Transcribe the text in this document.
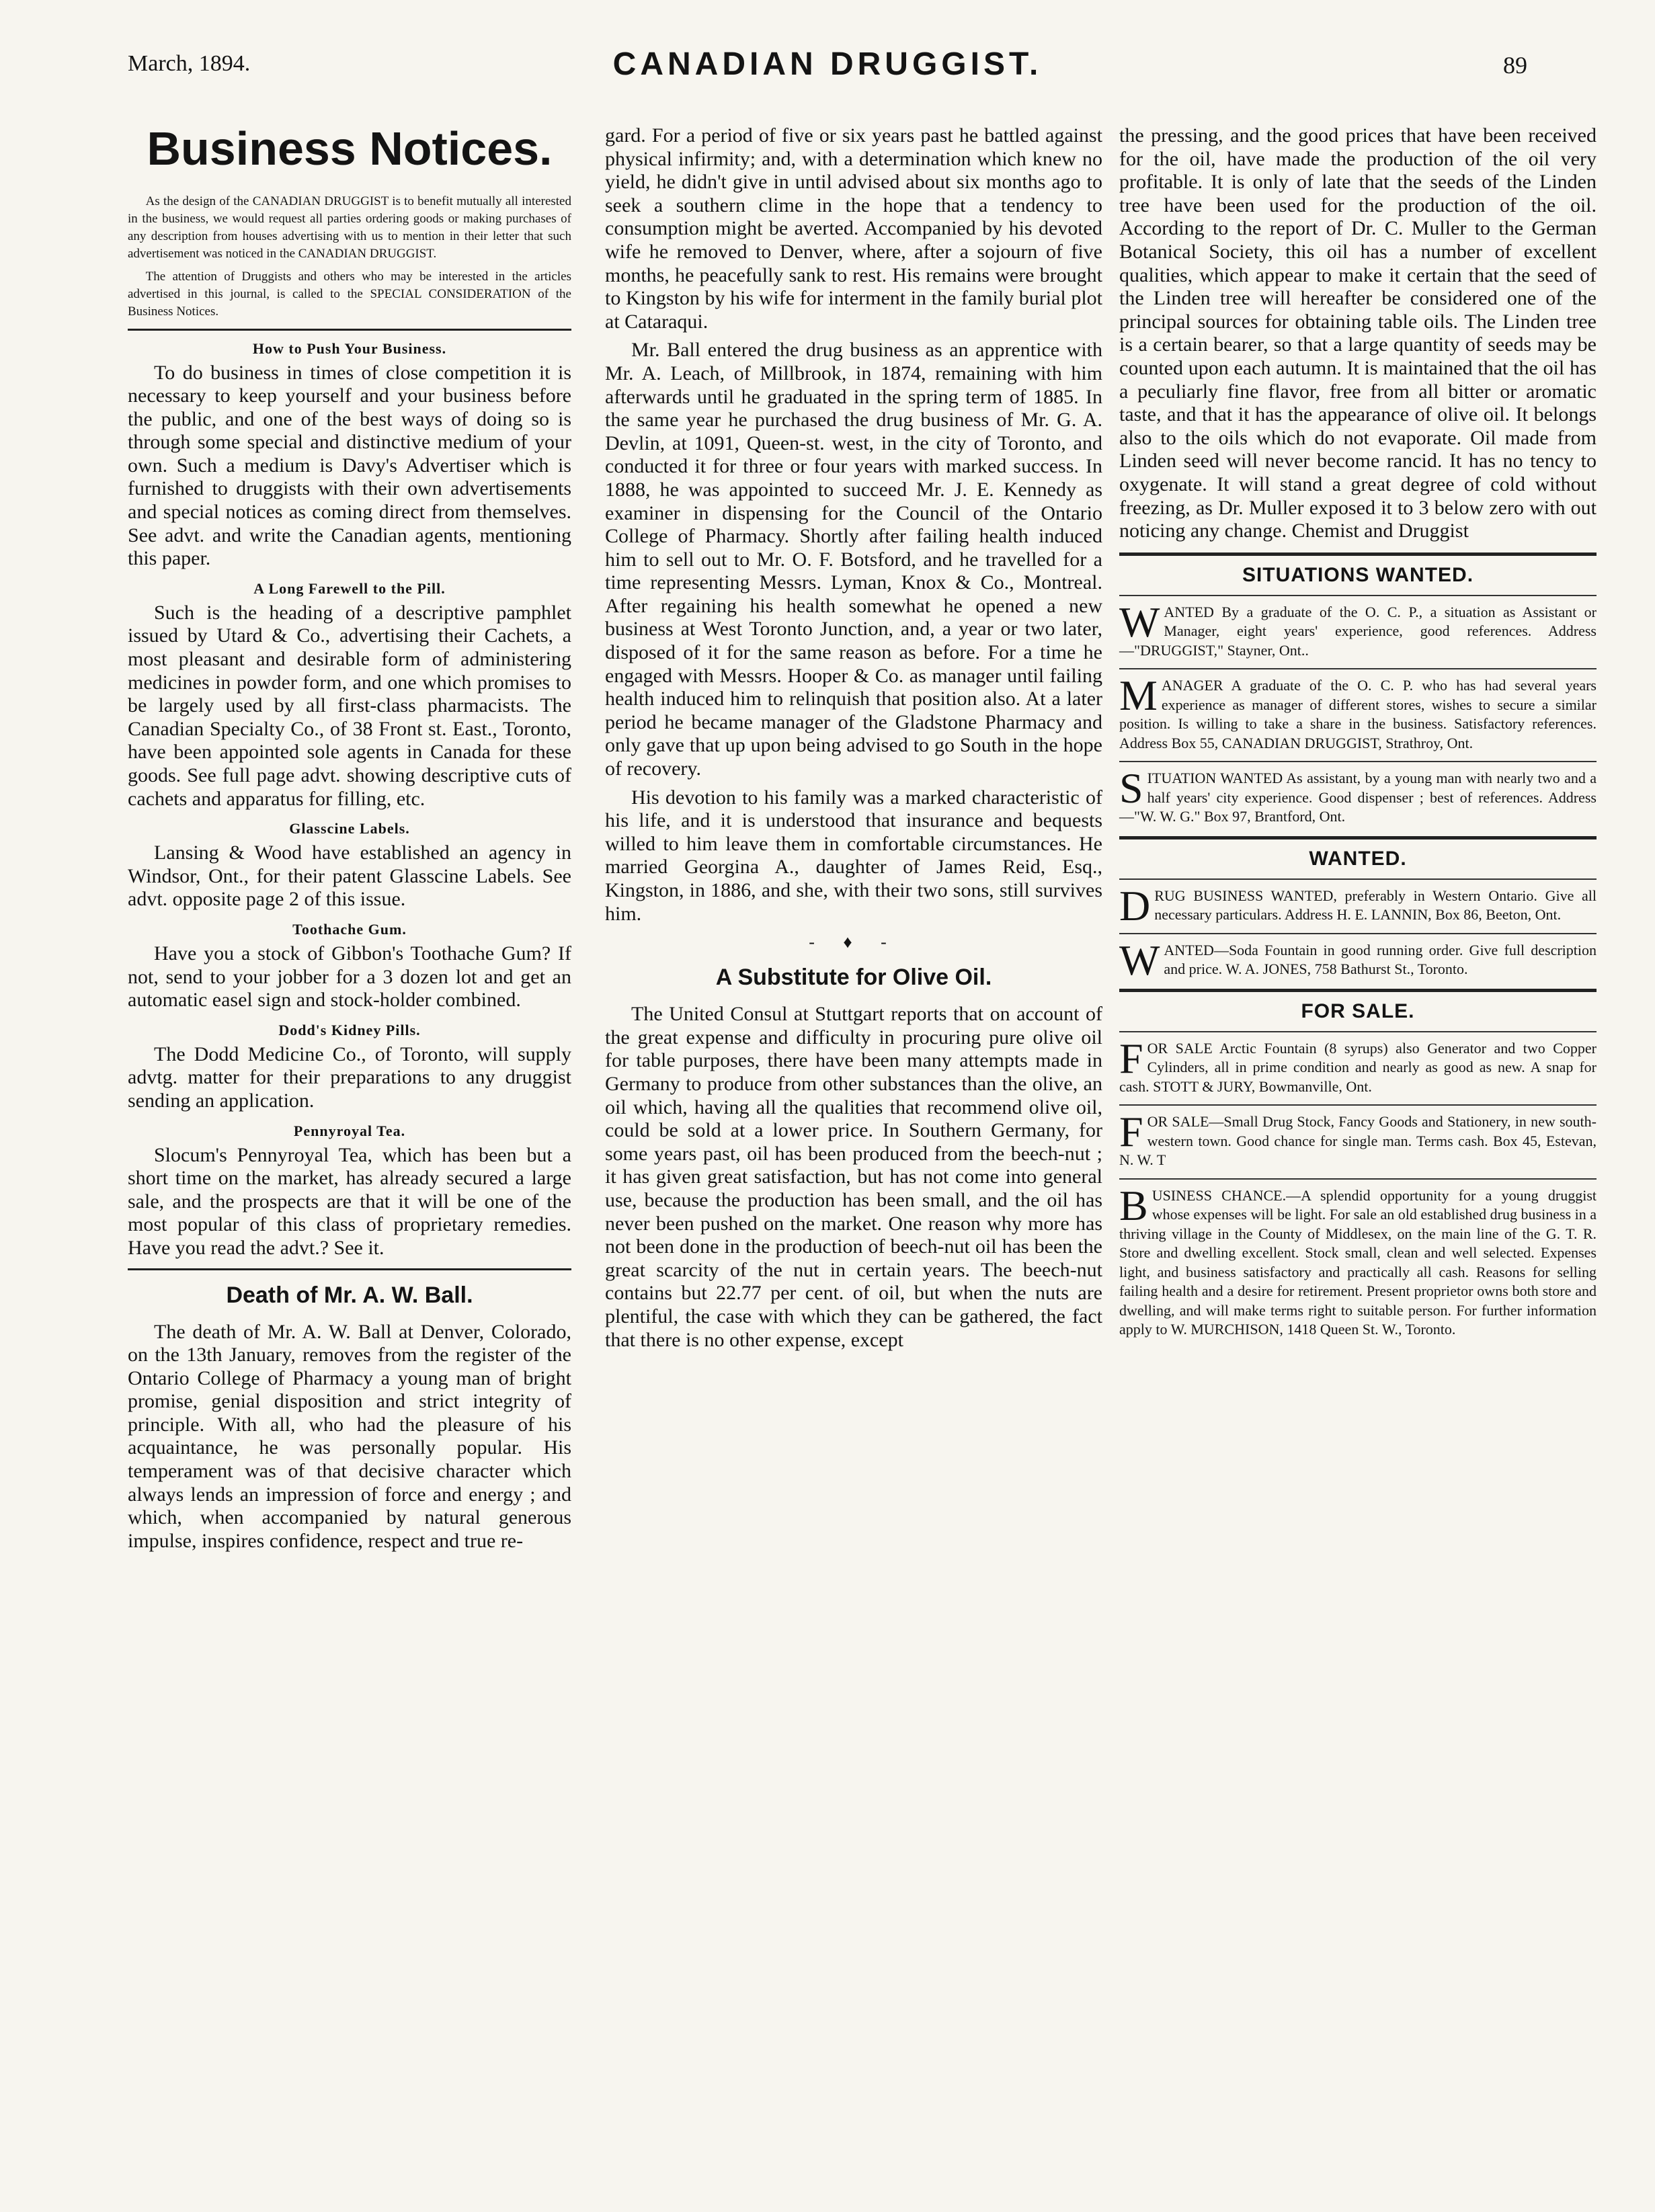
March, 1894.	CANADIAN DRUGGIST.	89
Business Notices.

As the design of the CANADIAN DRUGGIST is to benefit mutually all interested in the business, we would request all parties ordering goods or making purchases of any description from houses advertising with us to mention in their letter that such advertisement was noticed in the CANADIAN DRUGGIST.

The attention of Druggists and others who may be interested in the articles advertised in this journal, is called to the SPECIAL CONSIDERATION of the Business Notices.

How to Push Your Business.

To do business in times of close competition it is necessary to keep yourself and your business before the public, and one of the best ways of doing so is through some special and distinctive medium of your own. Such a medium is Davy's Advertiser which is furnished to druggists with their own advertisements and special notices as coming direct from themselves. See advt. and write the Canadian agents, mentioning this paper.

A Long Farewell to the Pill.

Such is the heading of a descriptive pamphlet issued by Utard & Co., advertising their Cachets, a most pleasant and desirable form of administering medicines in powder form, and one which promises to be largely used by all first-class pharmacists. The Canadian Specialty Co., of 38 Front st. East., Toronto, have been appointed sole agents in Canada for these goods. See full page advt. showing descriptive cuts of cachets and apparatus for filling, etc.

Glasscine Labels.

Lansing & Wood have established an agency in Windsor, Ont., for their patent Glasscine Labels. See advt. opposite page 2 of this issue.

Toothache Gum.

Have you a stock of Gibbon's Toothache Gum? If not, send to your jobber for a 3 dozen lot and get an automatic easel sign and stock-holder combined.

Dodd's Kidney Pills.

The Dodd Medicine Co., of Toronto, will supply advtg. matter for their preparations to any druggist sending an application.

Pennyroyal Tea.

Slocum's Pennyroyal Tea, which has been but a short time on the market, has already secured a large sale, and the prospects are that it will be one of the most popular of this class of proprietary remedies. Have you read the advt.? See it.

Death of Mr. A. W. Ball.

The death of Mr. A. W. Ball at Denver, Colorado, on the 13th January, removes from the register of the Ontario College of Pharmacy a young man of bright promise, genial disposition and strict integrity of principle. With all, who had the pleasure of his acquaintance, he was personally popular. His temperament was of that decisive character which always lends an impression of force and energy ; and which, when accompanied by natural generous impulse, inspires confidence, respect and true re-

gard. For a period of five or six years past he battled against physical infirmity; and, with a determination which knew no yield, he didn't give in until advised about six months ago to seek a southern clime in the hope that a tendency to consumption might be averted. Accompanied by his devoted wife he removed to Denver, where, after a sojourn of five months, he peacefully sank to rest. His remains were brought to Kingston by his wife for interment in the family burial plot at Cataraqui.

Mr. Ball entered the drug business as an apprentice with Mr. A. Leach, of Millbrook, in 1874, remaining with him afterwards until he graduated in the spring term of 1885. In the same year he purchased the drug business of Mr. G. A. Devlin, at 1091, Queen-st. west, in the city of Toronto, and conducted it for three or four years with marked success. In 1888, he was appointed to succeed Mr. J. E. Kennedy as examiner in dispensing for the Council of the Ontario College of Pharmacy. Shortly after failing health induced him to sell out to Mr. O. F. Botsford, and he travelled for a time representing Messrs. Lyman, Knox & Co., Montreal. After regaining his health somewhat he opened a new business at West Toronto Junction, and, a year or two later, disposed of it for the same reason as before. For a time he engaged with Messrs. Hooper & Co. as manager until failing health induced him to relinquish that position also. At a later period he became manager of the Gladstone Pharmacy and only gave that up upon being advised to go South in the hope of recovery.

His devotion to his family was a marked characteristic of his life, and it is understood that insurance and bequests willed to him leave them in comfortable circumstances. He married Georgina A., daughter of James Reid, Esq., Kingston, in 1886, and she, with their two sons, still survives him.

- ♦ -
A Substitute for Olive Oil.

The United Consul at Stuttgart reports that on account of the great expense and difficulty in procuring pure olive oil for table purposes, there have been many attempts made in Germany to produce from other substances than the olive, an oil which, having all the qualities that recommend olive oil, could be sold at a lower price. In Southern Germany, for some years past, oil has been produced from the beech-nut ; it has given great satisfaction, but has not come into general use, because the production has been small, and the oil has never been pushed on the market. One reason why more has not been done in the production of beech-nut oil has been the great scarcity of the nut in certain years. The beech-nut contains but 22.77 per cent. of oil, but when the nuts are plentiful, the case with which they can be gathered, the fact that there is no other expense, except

the pressing, and the good prices that have been received for the oil, have made the production of the oil very profitable. It is only of late that the seeds of the Linden tree have been used for the production of the oil. According to the report of Dr. C. Muller to the German Botanical Society, this oil has a number of excellent qualities, which appear to make it certain that the seed of the Linden tree will hereafter be considered one of the principal sources for obtaining table oils. The Linden tree is a certain bearer, so that a large quantity of seeds may be counted upon each autumn. It is maintained that the oil has a peculiarly fine flavor, free from all bitter or aromatic taste, and that it has the appearance of olive oil. It belongs also to the oils which do not evaporate. Oil made from Linden seed will never become rancid. It has no tency to oxygenate. It will stand a great degree of cold without freezing, as Dr. Muller exposed it to 3 below zero with out noticing any change. Chemist and Druggist

SITUATIONS WANTED.

WANTED By a graduate of the O. C. P., a situation as Assistant or Manager, eight years' experience, good references. Address—"DRUGGIST," Stayner, Ont..

MANAGER A graduate of the O. C. P. who has had several years experience as manager of different stores, wishes to secure a similar position. Is willing to take a share in the business. Satisfactory references. Address Box 55, CANADIAN DRUGGIST, Strathroy, Ont.

SITUATION WANTED As assistant, by a young man with nearly two and a half years' city experience. Good dispenser ; best of references. Address—"W. W. G." Box 97, Brantford, Ont.

WANTED.

DRUG BUSINESS WANTED, preferably in Western Ontario. Give all necessary particulars. Address H. E. LANNIN, Box 86, Beeton, Ont.

WANTED—Soda Fountain in good running order. Give full description and price. W. A. JONES, 758 Bathurst St., Toronto.

FOR SALE.

FOR SALE Arctic Fountain (8 syrups) also Generator and two Copper Cylinders, all in prime condition and nearly as good as new. A snap for cash. STOTT & JURY, Bowmanville, Ont.

FOR SALE—Small Drug Stock, Fancy Goods and Stationery, in new south-western town. Good chance for single man. Terms cash. Box 45, Estevan, N. W. T

BUSINESS CHANCE.—A splendid opportunity for a young druggist whose expenses will be light. For sale an old established drug business in a thriving village in the County of Middlesex, on the main line of the G. T. R. Store and dwelling excellent. Stock small, clean and well selected. Expenses light, and business satisfactory and practically all cash. Reasons for selling failing health and a desire for retirement. Present proprietor owns both store and dwelling, and will make terms right to suitable person. For further information apply to W. MURCHISON, 1418 Queen St. W., Toronto.
